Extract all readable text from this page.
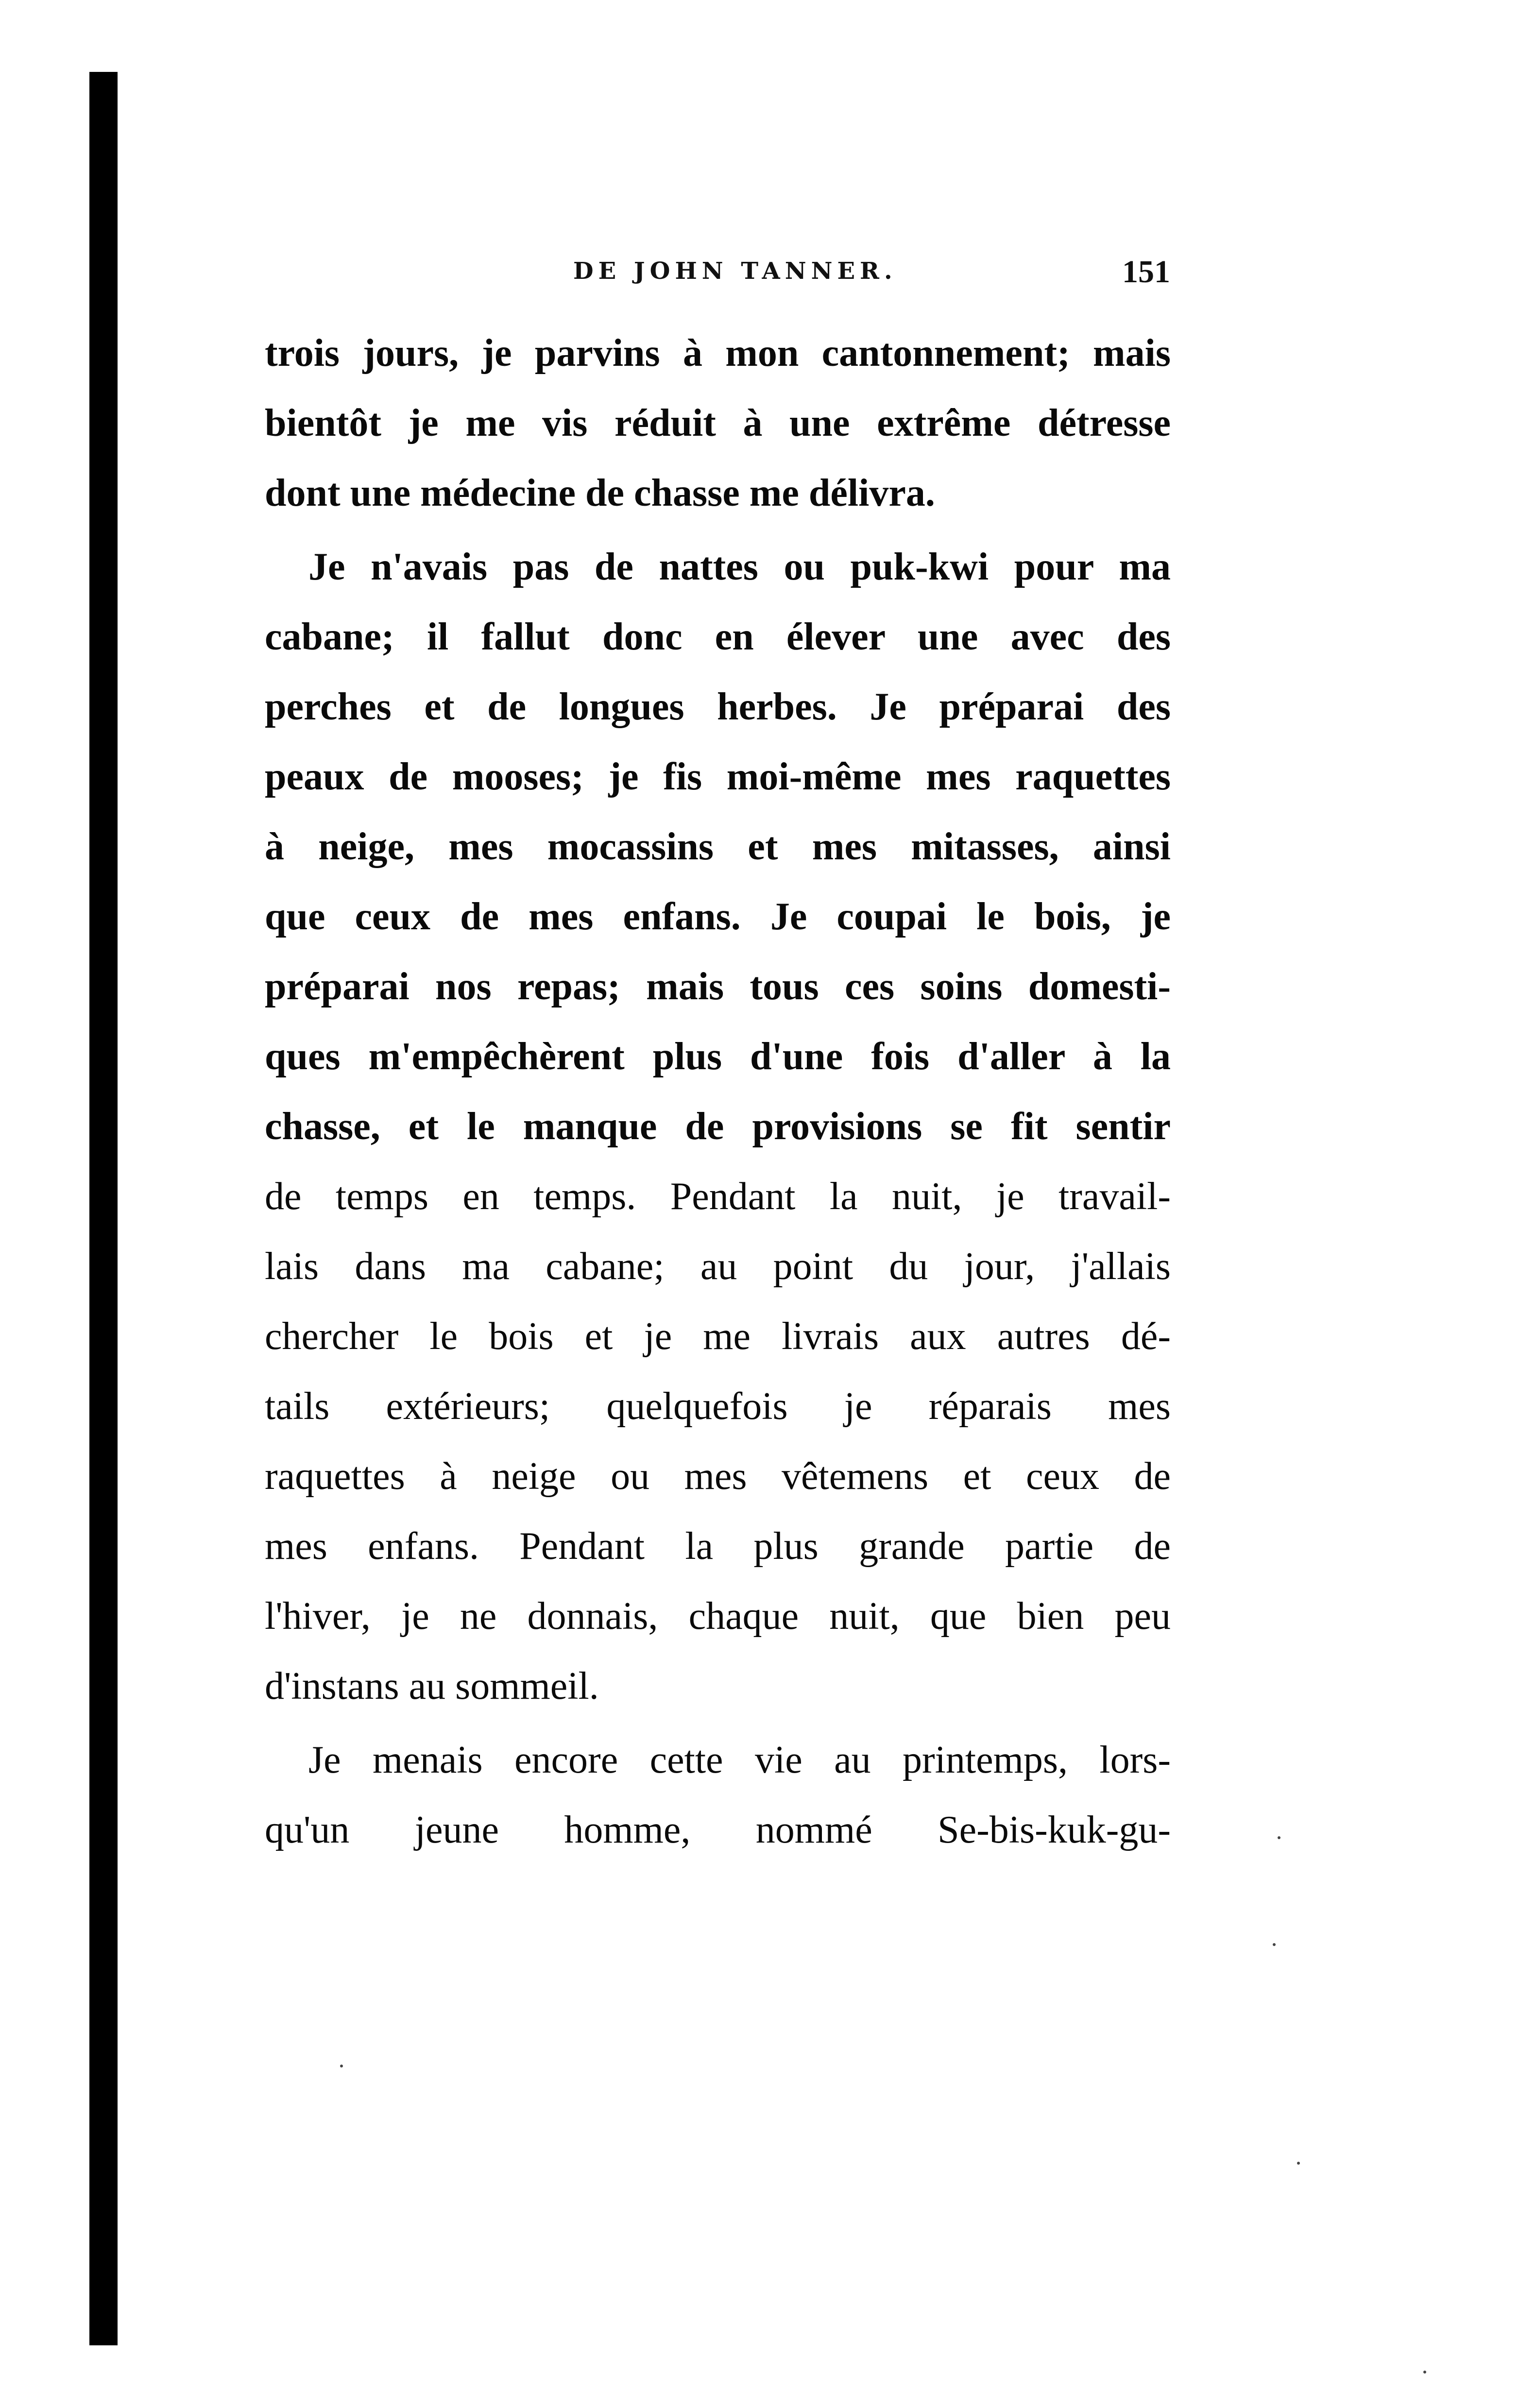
DE JOHN TANNER.	151
trois jours, je parvins à mon cantonnement; mais
bientôt je me vis réduit à une extrême détresse
dont une médecine de chasse me délivra.
Je n'avais pas de nattes ou puk-kwi pour ma
cabane; il fallut donc en élever une avec des
perches et de longues herbes. Je préparai des
peaux de mooses; je fis moi-même mes raquettes
à neige, mes mocassins et mes mitasses, ainsi
que ceux de mes enfans. Je coupai le bois, je
préparai nos repas; mais tous ces soins domesti-
ques m'empêchèrent plus d'une fois d'aller à la
chasse, et le manque de provisions se fit sentir
de temps en temps. Pendant la nuit, je travail-
lais dans ma cabane; au point du jour, j'allais
chercher le bois et je me livrais aux autres dé-
tails extérieurs; quelquefois je réparais mes
raquettes à neige ou mes vêtemens et ceux de
mes enfans. Pendant la plus grande partie de
l'hiver, je ne donnais, chaque nuit, que bien peu
d'instans au sommeil.
Je menais encore cette vie au printemps, lors-
qu'un jeune homme, nommé Se-bis-kuk-gu-
